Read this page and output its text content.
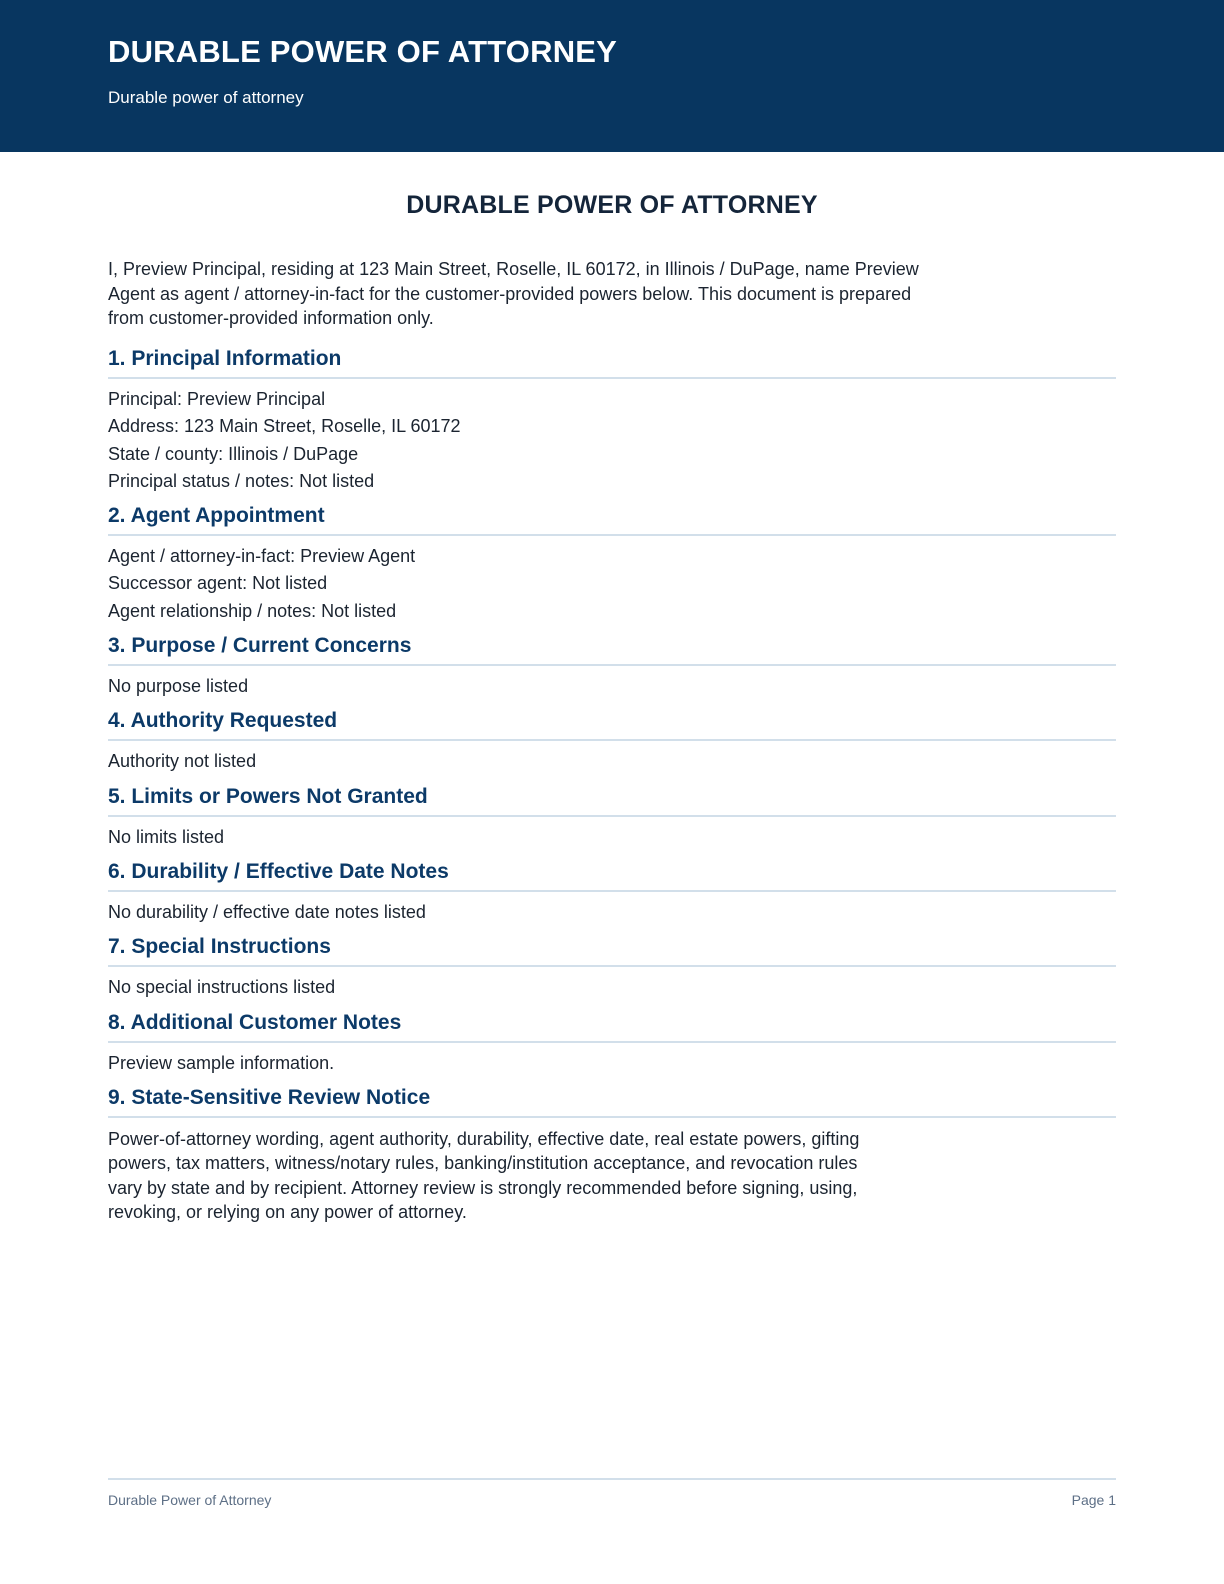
DURABLE POWER OF ATTORNEY
Durable power of attorney
DURABLE POWER OF ATTORNEY
I, Preview Principal, residing at 123 Main Street, Roselle, IL 60172, in Illinois / DuPage, name Preview Agent as agent / attorney-in-fact for the customer-provided powers below. This document is prepared from customer-provided information only.
1. Principal Information
Principal: Preview Principal
Address: 123 Main Street, Roselle, IL 60172
State / county: Illinois / DuPage
Principal status / notes: Not listed
2. Agent Appointment
Agent / attorney-in-fact: Preview Agent
Successor agent: Not listed
Agent relationship / notes: Not listed
3. Purpose / Current Concerns
No purpose listed
4. Authority Requested
Authority not listed
5. Limits or Powers Not Granted
No limits listed
6. Durability / Effective Date Notes
No durability / effective date notes listed
7. Special Instructions
No special instructions listed
8. Additional Customer Notes
Preview sample information.
9. State-Sensitive Review Notice
Power-of-attorney wording, agent authority, durability, effective date, real estate powers, gifting powers, tax matters, witness/notary rules, banking/institution acceptance, and revocation rules vary by state and by recipient. Attorney review is strongly recommended before signing, using, revoking, or relying on any power of attorney.
Durable Power of Attorney	Page 1
